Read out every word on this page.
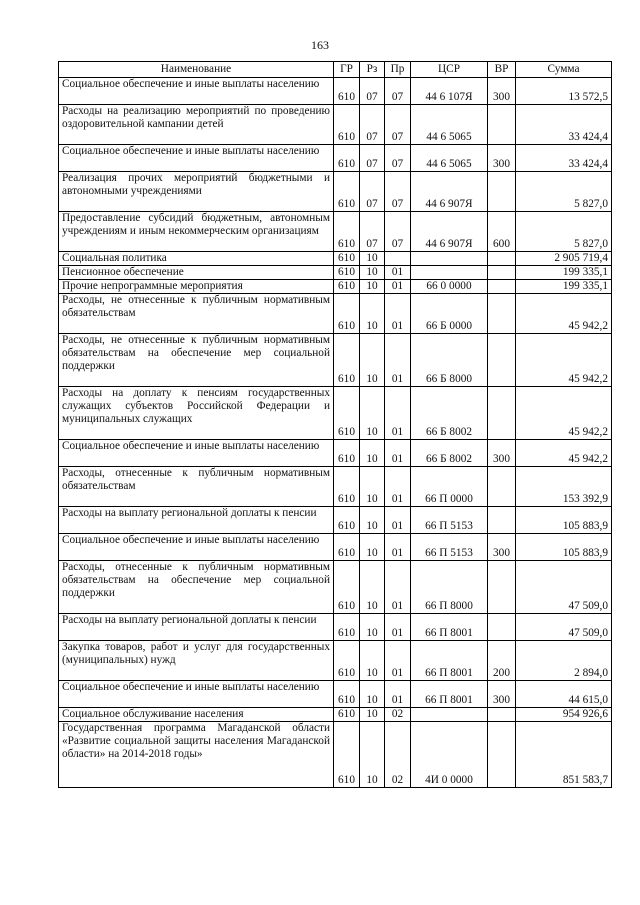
163
Наименование	ГР	Рз	Пр	ЦСР	ВР	Сумма
Социальное обеспечение и иные выплаты населению	610	07	07	44 6 107Я	300	13 572,5
Расходы на реализацию мероприятий по проведению оздоровительной кампании детей	610	07	07	44 6 5065		33 424,4
Социальное обеспечение и иные выплаты населению	610	07	07	44 6 5065	300	33 424,4
Реализация прочих мероприятий бюджетными и автономными учреждениями	610	07	07	44 6 907Я		5 827,0
Предоставление субсидий бюджетным, автономным учреждениям и иным некоммерческим организациям	610	07	07	44 6 907Я	600	5 827,0
Социальная политика	610	10				2 905 719,4
Пенсионное обеспечение	610	10	01			199 335,1
Прочие непрограммные мероприятия	610	10	01	66 0 0000		199 335,1
Расходы, не отнесенные к публичным нормативным обязательствам	610	10	01	66 Б 0000		45 942,2
Расходы, не отнесенные к публичным нормативным обязательствам на обеспечение мер социальной поддержки	610	10	01	66 Б 8000		45 942,2
Расходы на доплату к пенсиям государственных служащих субъектов Российской Федерации и муниципальных служащих	610	10	01	66 Б 8002		45 942,2
Социальное обеспечение и иные выплаты населению	610	10	01	66 Б 8002	300	45 942,2
Расходы, отнесенные к публичным нормативным обязательствам	610	10	01	66 П 0000		153 392,9
Расходы на выплату региональной доплаты к пенсии	610	10	01	66 П 5153		105 883,9
Социальное обеспечение и иные выплаты населению	610	10	01	66 П 5153	300	105 883,9
Расходы, отнесенные к публичным нормативным обязательствам на обеспечение мер социальной поддержки	610	10	01	66 П 8000		47 509,0
Расходы на выплату региональной доплаты к пенсии	610	10	01	66 П 8001		47 509,0
Закупка товаров, работ и услуг для государственных (муниципальных) нужд	610	10	01	66 П 8001	200	2 894,0
Социальное обеспечение и иные выплаты населению	610	10	01	66 П 8001	300	44 615,0
Социальное обслуживание населения	610	10	02			954 926,6
Государственная программа Магаданской области «Развитие социальной защиты населения Магаданской области» на 2014-2018 годы»	610	10	02	4И 0 0000		851 583,7
